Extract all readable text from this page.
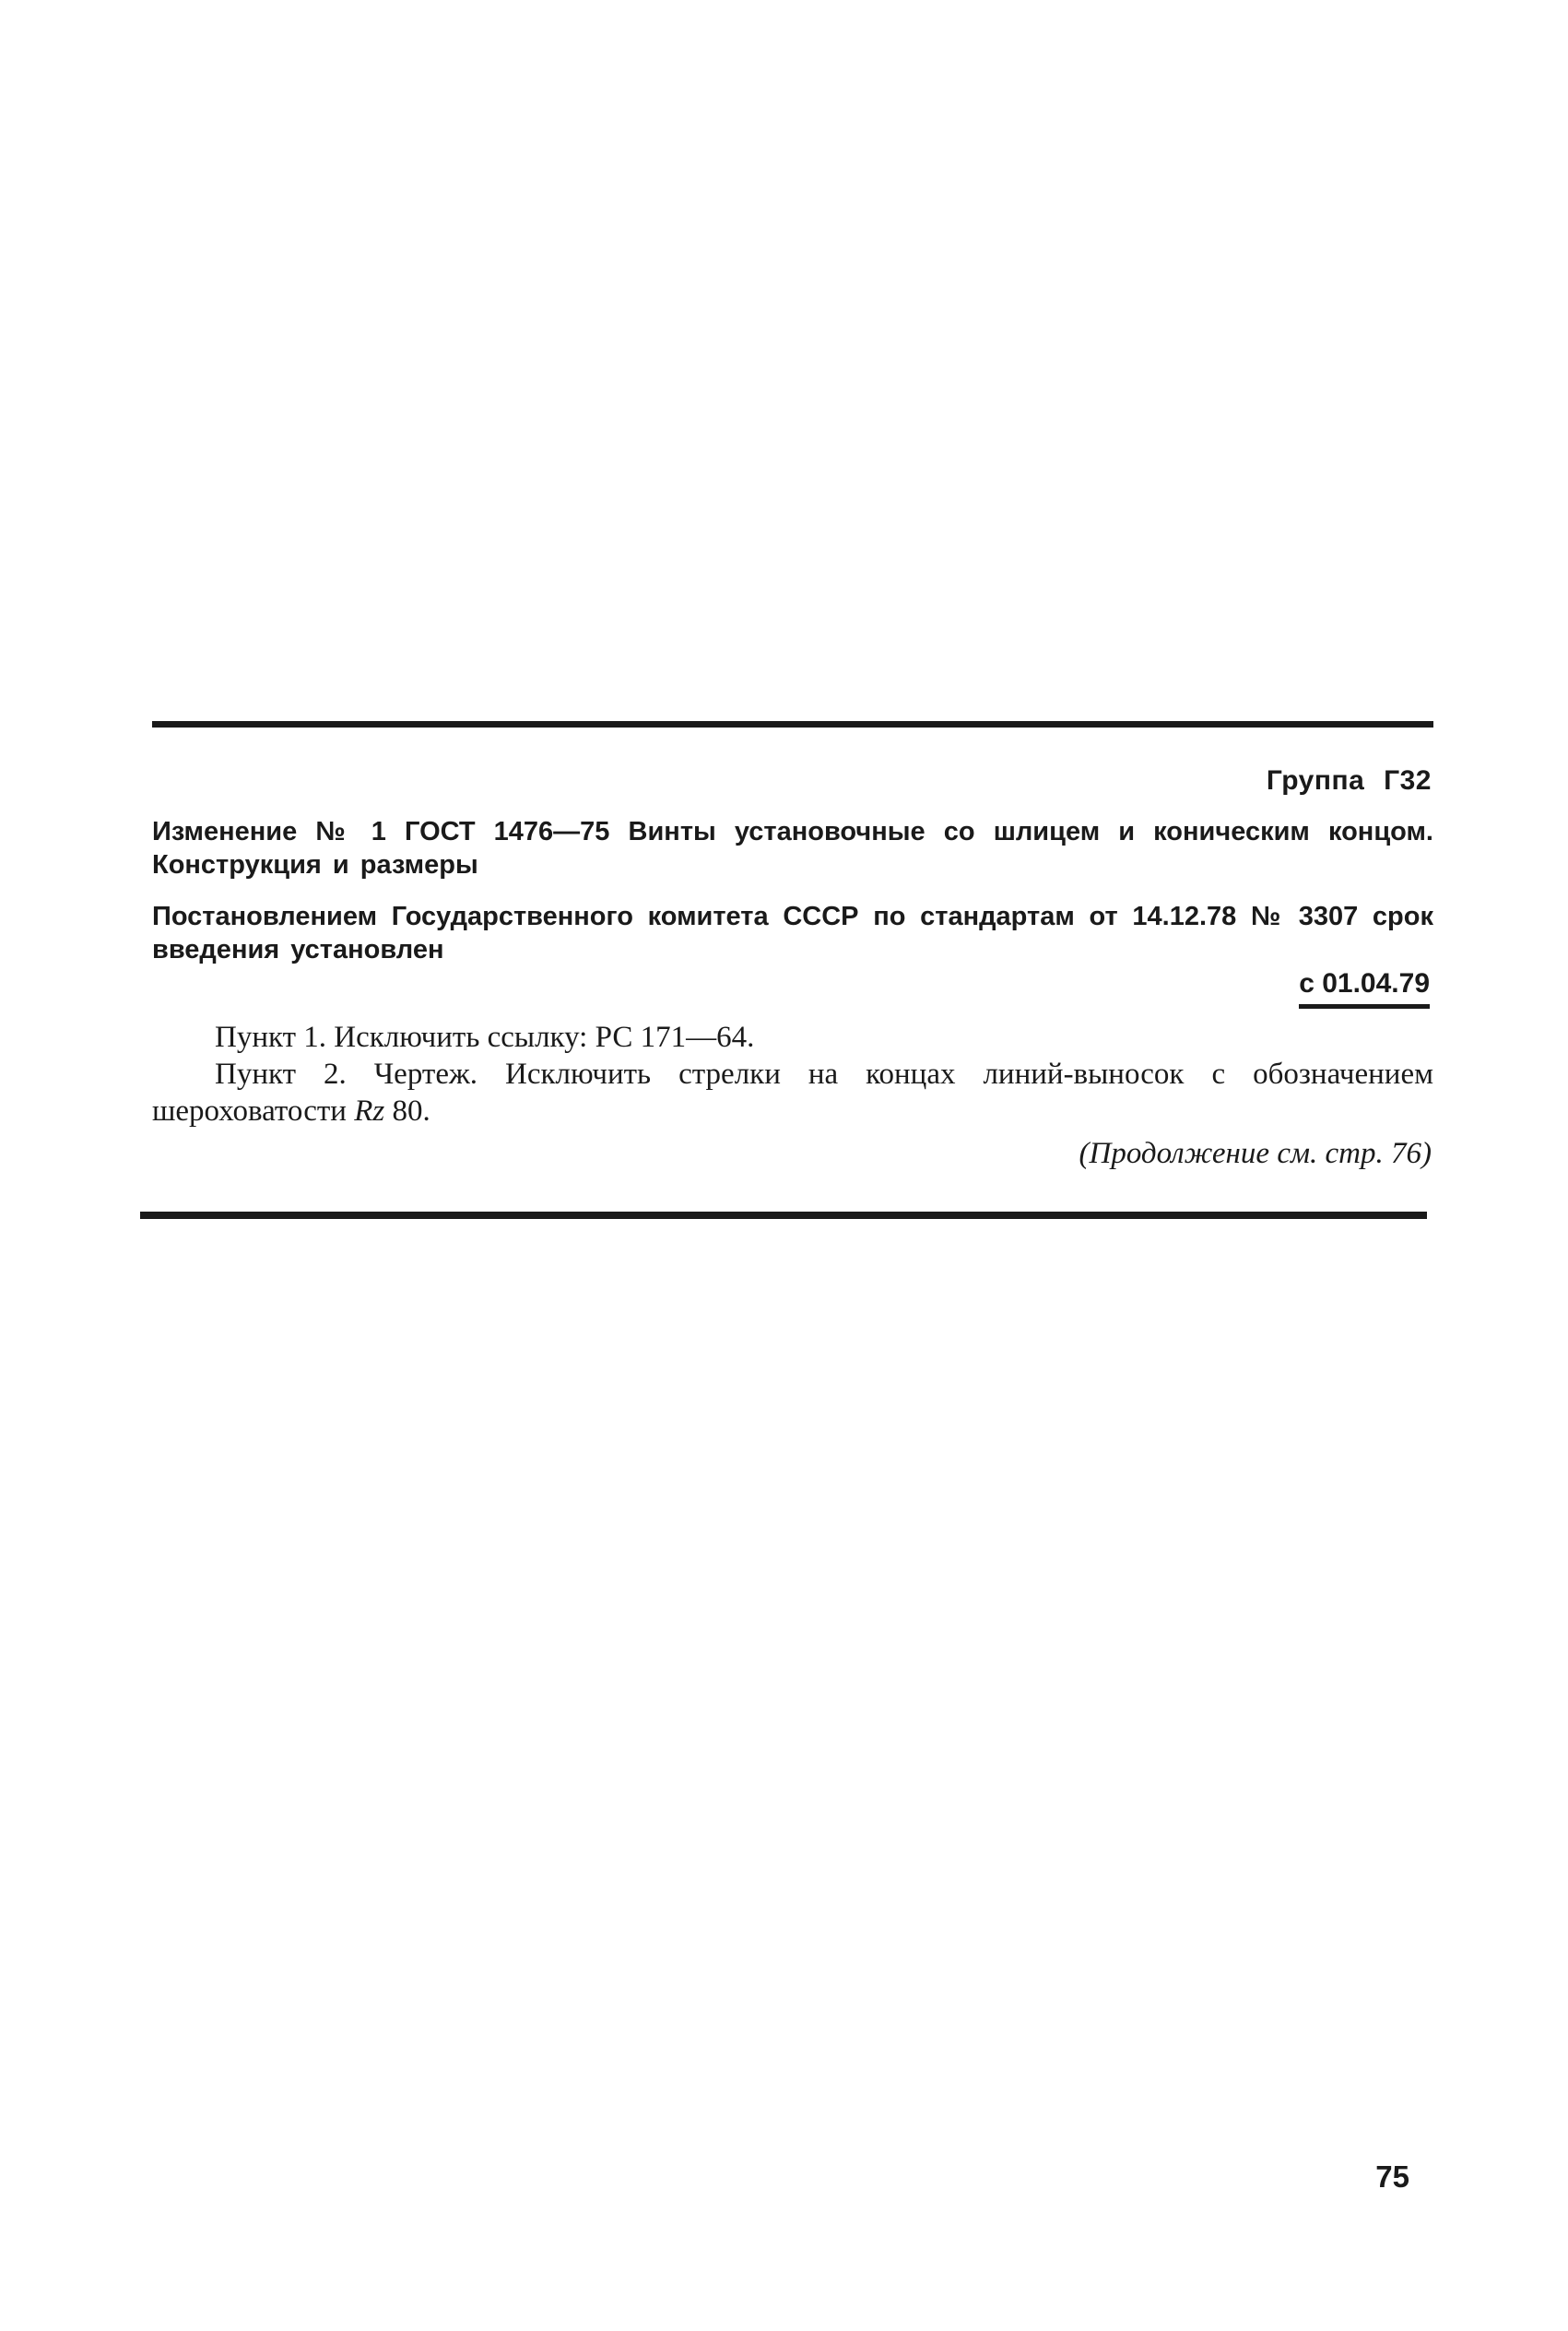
Группа Г32
Изменение № 1 ГОСТ 1476—75 Винты установочные со шлицем и коническим концом. Конструкция и размеры
Постановлением Государственного комитета СССР по стандартам от 14.12.78 № 3307 срок введения установлен
с 01.04.79
Пункт 1. Исключить ссылку: РС 171—64.
Пункт 2. Чертеж. Исключить стрелки на концах линий-выносок с обозначением шероховатости Rz 80.
(Продолжение см. стр. 76)
75
